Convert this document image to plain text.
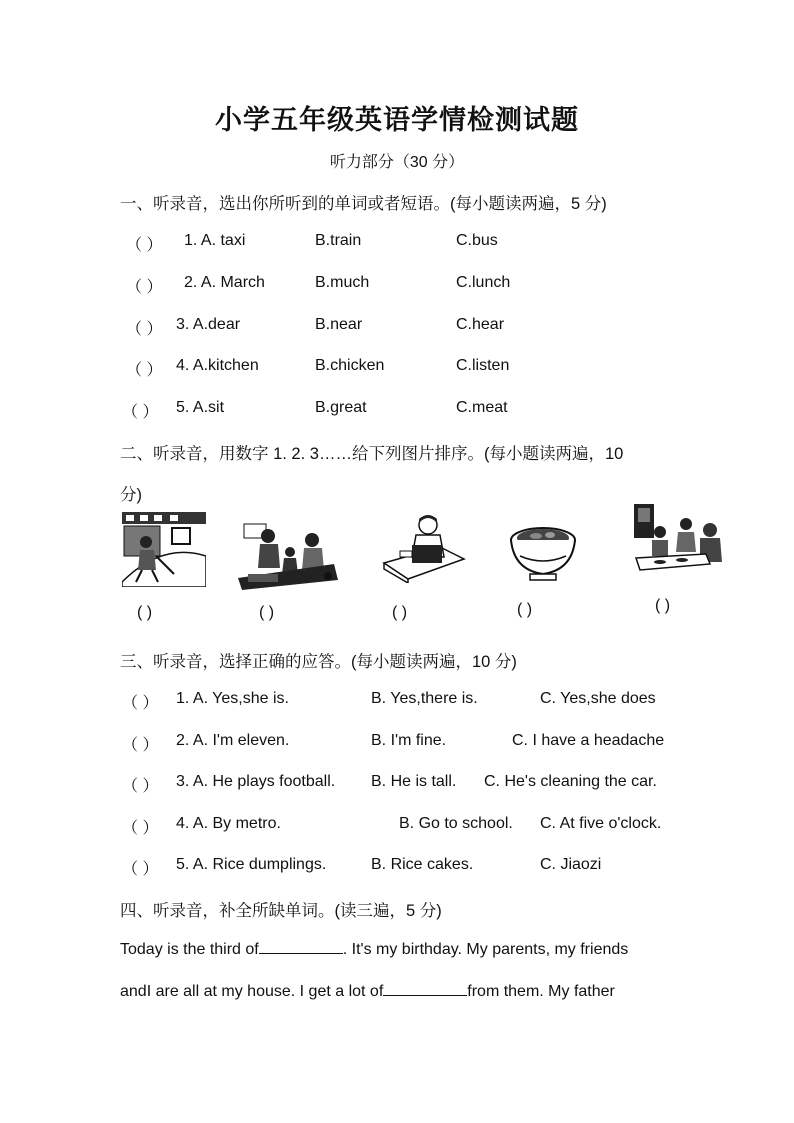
小学五年级英语学情检测试题
听力部分（30 分）
一、听录音，选出你所听到的单词或者短语。(每小题读两遍，5 分)
（ ） 1. A. taxi	B.train	C.bus
（ ） 2. A. March	B.much	C.lunch
（ ） 3. A.dear	B.near	C.hear
（ ） 4. A.kitchen	B.chicken	C.listen
（ ） 5. A.sit	B.great	C.meat
二、听录音，用数字 1. 2. 3……给下列图片排序。(每小题读两遍，10
分)
( )	( )	( )	( )	( )
三、听录音，选择正确的应答。(每小题读两遍，10 分)
（ ） 1. A. Yes,she is.	B. Yes,there is.	C. Yes,she does
（ ） 2. A. I'm eleven.	B. I'm fine.	C. I have a headache
（ ） 3. A. He plays football. B. He is tall. C. He's cleaning the car.
（ ） 4. A. By metro.	B. Go to school. C. At five o'clock.
（ ） 5. A. Rice dumplings.	B. Rice cakes.	C. Jiaozi
四、听录音，补全所缺单词。(读三遍，5 分)
Today is the third of	. It's my birthday. My parents, my friends
andI are all at my house. I get a lot of	from them. My father
